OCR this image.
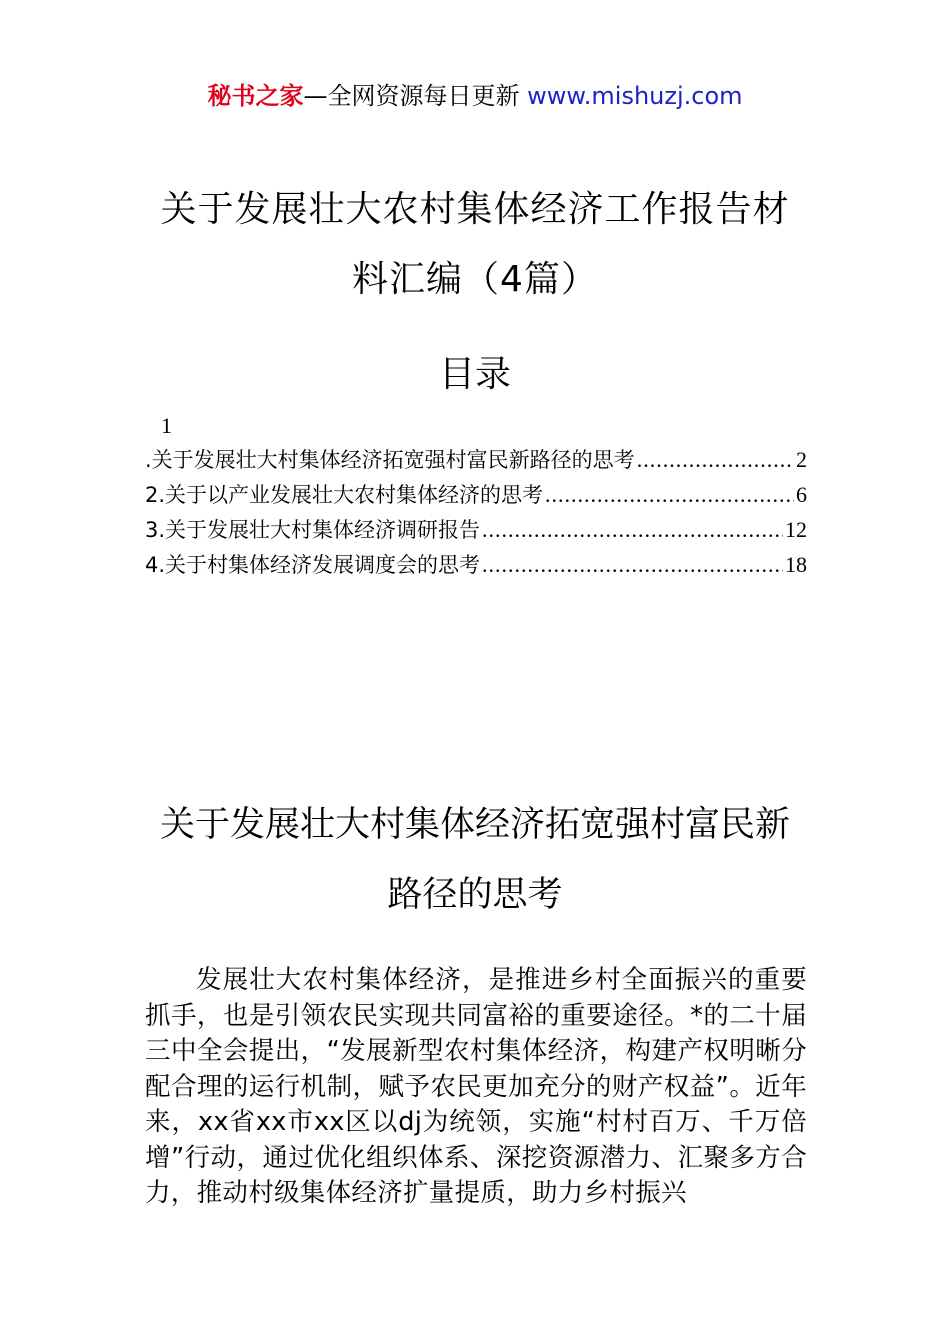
秘书之家—全网资源每日更新 www.mishuzj.com
关于发展壮大农村集体经济工作报告材料汇编（4篇）
目录
1
.关于发展壮大村集体经济拓宽强村富民新路径的思考 .....	2
2.关于以产业发展壮大农村集体经济的思考 .....	6
3.关于发展壮大村集体经济调研报告 .....	12
4.关于村集体经济发展调度会的思考 .....	18
关于发展壮大村集体经济拓宽强村富民新路径的思考
发展壮大农村集体经济，是推进乡村全面振兴的重要抓手，也是引领农民实现共同富裕的重要途径。*的二十届三中全会提出，“发展新型农村集体经济，构建产权明晰分配合理的运行机制，赋予农民更加充分的财产权益”。近年来，xx省xx市xx区以dj为统领，实施“村村百万、千万倍增”行动，通过优化组织体系、深挖资源潜力、汇聚多方合力，推动村级集体经济扩量提质，助力乡村振兴
